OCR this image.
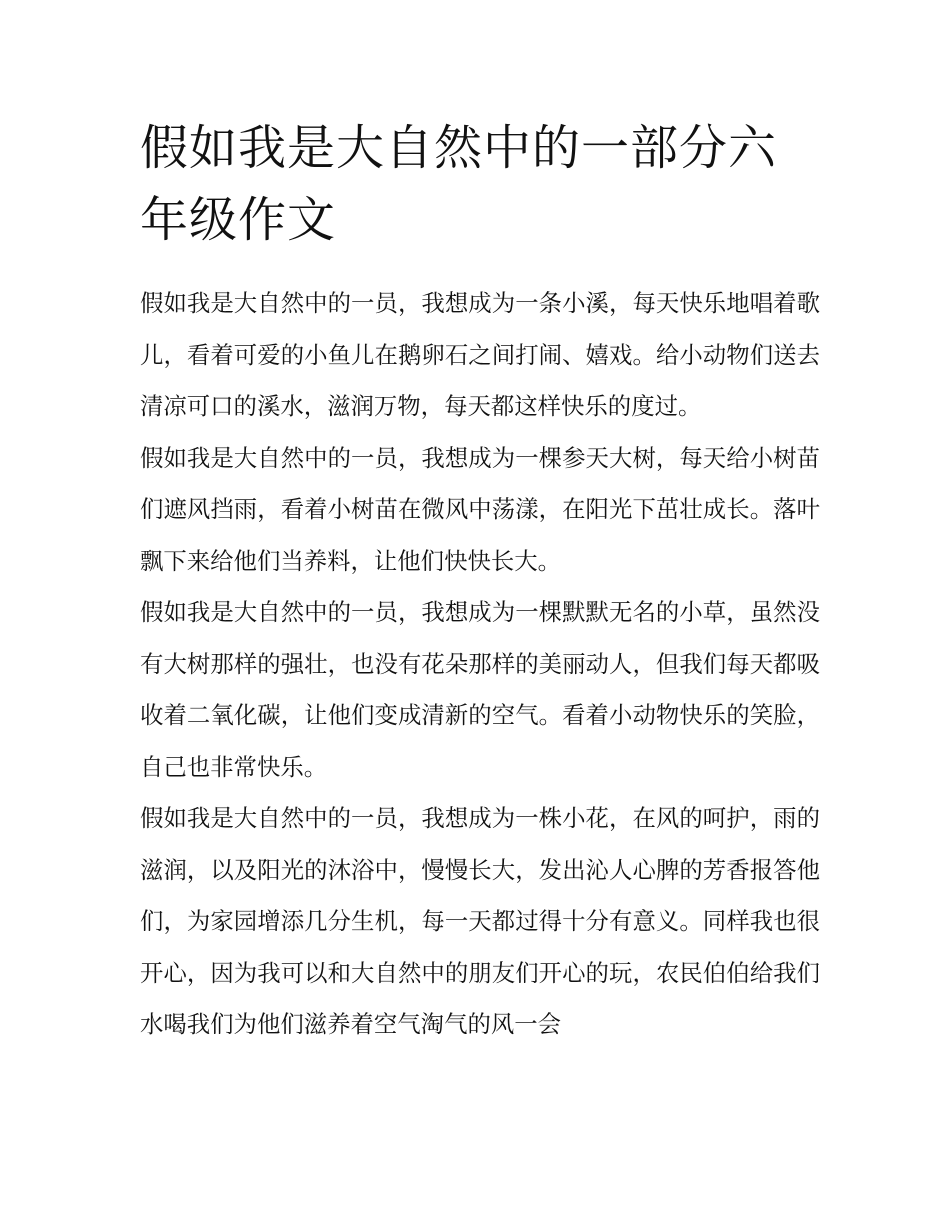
假如我是大自然中的一部分六年级作文

假如我是大自然中的一员，我想成为一条小溪，每天快乐地唱着歌儿，看着可爱的小鱼儿在鹅卵石之间打闹、嬉戏。给小动物们送去清凉可口的溪水，滋润万物，每天都这样快乐的度过。

假如我是大自然中的一员，我想成为一棵参天大树，每天给小树苗们遮风挡雨，看着小树苗在微风中荡漾，在阳光下茁壮成长。落叶飘下来给他们当养料，让他们快快长大。

假如我是大自然中的一员，我想成为一棵默默无名的小草，虽然没有大树那样的强壮，也没有花朵那样的美丽动人，但我们每天都吸收着二氧化碳，让他们变成清新的空气。看着小动物快乐的笑脸，自己也非常快乐。

假如我是大自然中的一员，我想成为一株小花，在风的呵护，雨的滋润，以及阳光的沐浴中，慢慢长大，发出沁人心脾的芳香报答他们，为家园增添几分生机，每一天都过得十分有意义。同样我也很开心，因为我可以和大自然中的朋友们开心的玩，农民伯伯给我们水喝我们为他们滋养着空气淘气的风一会
